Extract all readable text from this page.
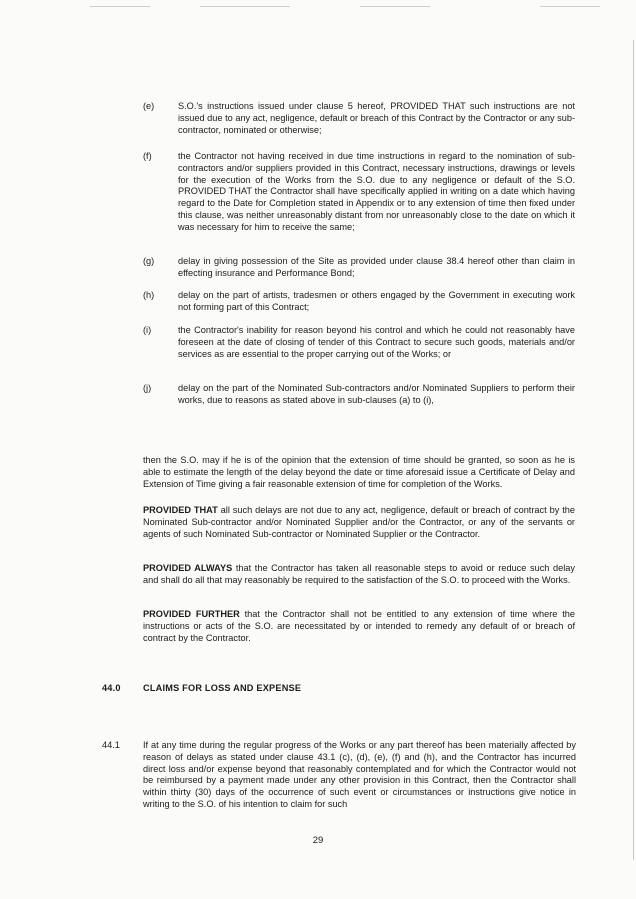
(e)	S.O.'s instructions issued under clause 5 hereof, PROVIDED THAT such instructions are not issued due to any act, negligence, default or breach of this Contract by the Contractor or any sub-contractor, nominated or otherwise;
(f)	the Contractor not having received in due time instructions in regard to the nomination of sub-contractors and/or suppliers provided in this Contract, necessary instructions, drawings or levels for the execution of the Works from the S.O. due to any negligence or default of the S.O. PROVIDED THAT the Contractor shall have specifically applied in writing on a date which having regard to the Date for Completion stated in Appendix or to any extension of time then fixed under this clause, was neither unreasonably distant from nor unreasonably close to the date on which it was necessary for him to receive the same;
(g)	delay in giving possession of the Site as provided under clause 38.4 hereof other than claim in effecting insurance and Performance Bond;
(h)	delay on the part of artists, tradesmen or others engaged by the Government in executing work not forming part of this Contract;
(i)	the Contractor's inability for reason beyond his control and which he could not reasonably have foreseen at the date of closing of tender of this Contract to secure such goods, materials and/or services as are essential to the proper carrying out of the Works; or
(j)	delay on the part of the Nominated Sub-contractors and/or Nominated Suppliers to perform their works, due to reasons as stated above in sub-clauses (a) to (i),
then the S.O. may if he is of the opinion that the extension of time should be granted, so soon as he is able to estimate the length of the delay beyond the date or time aforesaid issue a Certificate of Delay and Extension of Time giving a fair reasonable extension of time for completion of the Works.
PROVIDED THAT all such delays are not due to any act, negligence, default or breach of contract by the Nominated Sub-contractor and/or Nominated Supplier and/or the Contractor, or any of the servants or agents of such Nominated Sub-contractor or Nominated Supplier or the Contractor.
PROVIDED ALWAYS that the Contractor has taken all reasonable steps to avoid or reduce such delay and shall do all that may reasonably be required to the satisfaction of the S.O. to proceed with the Works.
PROVIDED FURTHER that the Contractor shall not be entitled to any extension of time where the instructions or acts of the S.O. are necessitated by or intended to remedy any default of or breach of contract by the Contractor.
44.0 CLAIMS FOR LOSS AND EXPENSE
44.1	If at any time during the regular progress of the Works or any part thereof has been materially affected by reason of delays as stated under clause 43.1 (c), (d), (e), (f) and (h), and the Contractor has incurred direct loss and/or expense beyond that reasonably contemplated and for which the Contractor would not be reimbursed by a payment made under any other provision in this Contract, then the Contractor shall within thirty (30) days of the occurrence of such event or circumstances or instructions give notice in writing to the S.O. of his intention to claim for such
29
